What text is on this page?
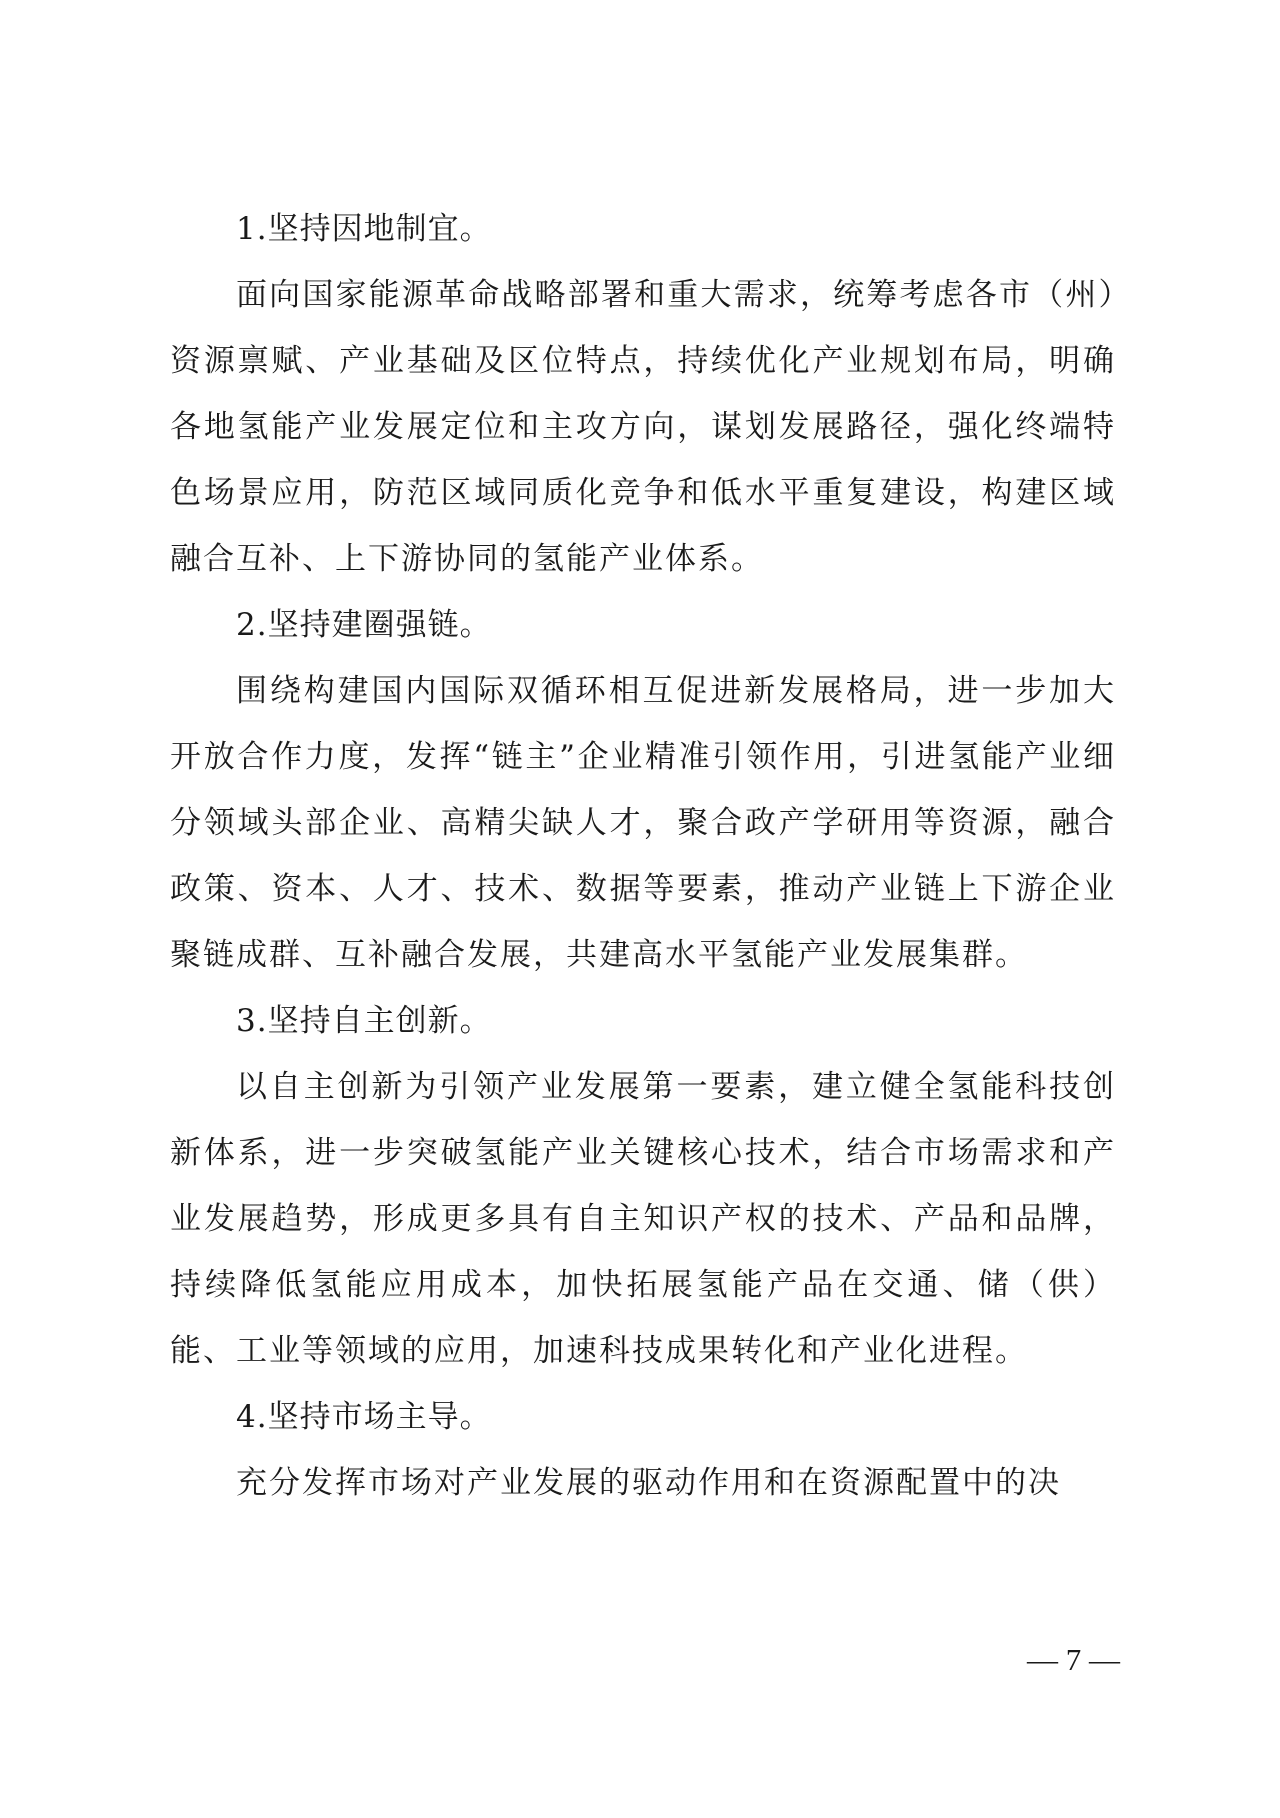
1.坚持因地制宜。

面向国家能源革命战略部署和重大需求，统筹考虑各市（州）资源禀赋、产业基础及区位特点，持续优化产业规划布局，明确各地氢能产业发展定位和主攻方向，谋划发展路径，强化终端特色场景应用，防范区域同质化竞争和低水平重复建设，构建区域融合互补、上下游协同的氢能产业体系。

2.坚持建圈强链。

围绕构建国内国际双循环相互促进新发展格局，进一步加大开放合作力度，发挥“链主”企业精准引领作用，引进氢能产业细分领域头部企业、高精尖缺人才，聚合政产学研用等资源，融合政策、资本、人才、技术、数据等要素，推动产业链上下游企业聚链成群、互补融合发展，共建高水平氢能产业发展集群。

3.坚持自主创新。

以自主创新为引领产业发展第一要素，建立健全氢能科技创新体系，进一步突破氢能产业关键核心技术，结合市场需求和产业发展趋势，形成更多具有自主知识产权的技术、产品和品牌，持续降低氢能应用成本，加快拓展氢能产品在交通、储（供）能、工业等领域的应用，加速科技成果转化和产业化进程。

4.坚持市场主导。

充分发挥市场对产业发展的驱动作用和在资源配置中的决

— 7 —
